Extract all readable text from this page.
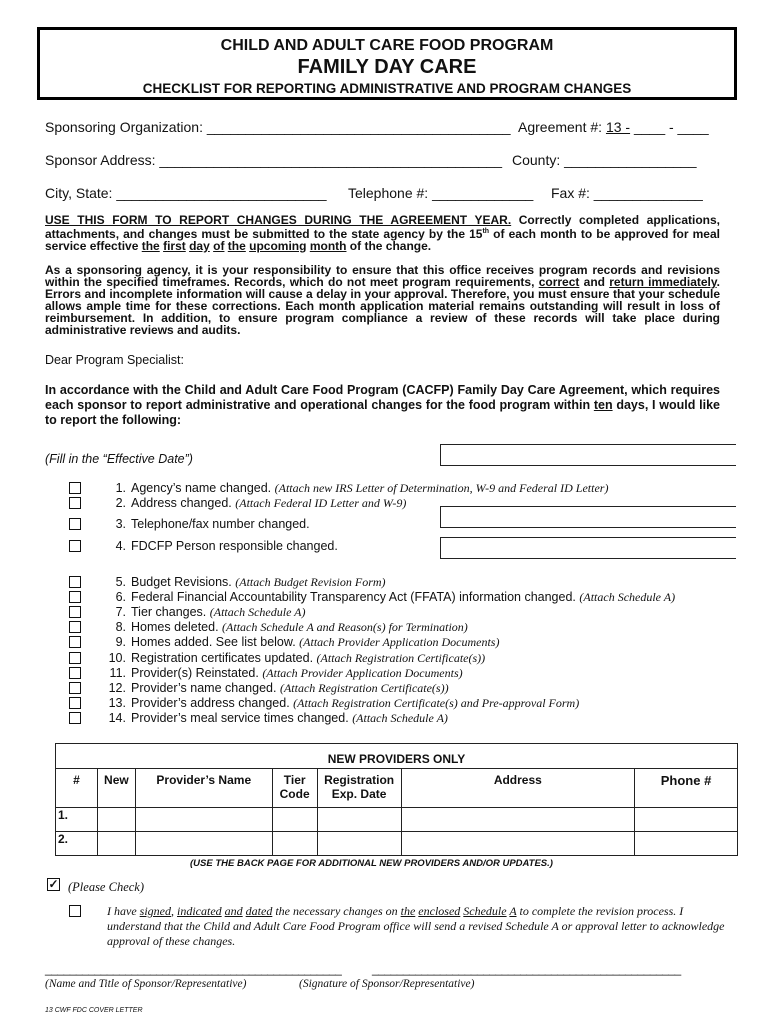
CHILD AND ADULT CARE FOOD PROGRAM
FAMILY DAY CARE
CHECKLIST FOR REPORTING ADMINISTRATIVE AND PROGRAM CHANGES
Sponsoring Organization: _______________________________________ Agreement #: 13 - ____ - ____
Sponsor Address: ____________________________________________ County: _________________
City, State: ___________________________ Telephone #: _____________ Fax #: ______________
USE THIS FORM TO REPORT CHANGES DURING THE AGREEMENT YEAR. Correctly completed applications, attachments, and changes must be submitted to the state agency by the 15th of each month to be approved for meal service effective the first day of the upcoming month of the change.
As a sponsoring agency, it is your responsibility to ensure that this office receives program records and revisions within the specified timeframes. Records, which do not meet program requirements, correct and return immediately. Errors and incomplete information will cause a delay in your approval. Therefore, you must ensure that your schedule allows ample time for these corrections. Each month application material remains outstanding will result in loss of reimbursement. In addition, to ensure program compliance a review of these records will take place during administrative reviews and audits.
Dear Program Specialist:
In accordance with the Child and Adult Care Food Program (CACFP) Family Day Care Agreement, which requires each sponsor to report administrative and operational changes for the food program within ten days, I would like to report the following:
(Fill in the “Effective Date”)
1. Agency’s name changed. (Attach new IRS Letter of Determination, W-9 and Federal ID Letter)
2. Address changed. (Attach Federal ID Letter and W-9)
3. Telephone/fax number changed.
4. FDCFP Person responsible changed.
5. Budget Revisions. (Attach Budget Revision Form)
6. Federal Financial Accountability Transparency Act (FFATA) information changed. (Attach Schedule A)
7. Tier changes. (Attach Schedule A)
8. Homes deleted. (Attach Schedule A and Reason(s) for Termination)
9. Homes added. See list below. (Attach Provider Application Documents)
10. Registration certificates updated. (Attach Registration Certificate(s))
11. Provider(s) Reinstated. (Attach Provider Application Documents)
12. Provider’s name changed. (Attach Registration Certificate(s))
13. Provider’s address changed. (Attach Registration Certificate(s) and Pre-approval Form)
14. Provider’s meal service times changed. (Attach Schedule A)
NEW PROVIDERS ONLY						
#	New	Provider’s Name	Tier Code	Registration Exp. Date	Address	Phone #
1.						
2.						
(USE THE BACK PAGE FOR ADDITIONAL NEW PROVIDERS AND/OR UPDATES.)
✓ (Please Check)
I have signed, indicated and dated the necessary changes on the enclosed Schedule A to complete the revision process. I understand that the Child and Adult Care Food Program office will send a revised Schedule A or approval letter to acknowledge approval of these changes.
________________________________________________	__________________________________________________
(Name and Title of Sponsor/Representative)	(Signature of Sponsor/Representative)
13 CWF FDC COVER LETTER
